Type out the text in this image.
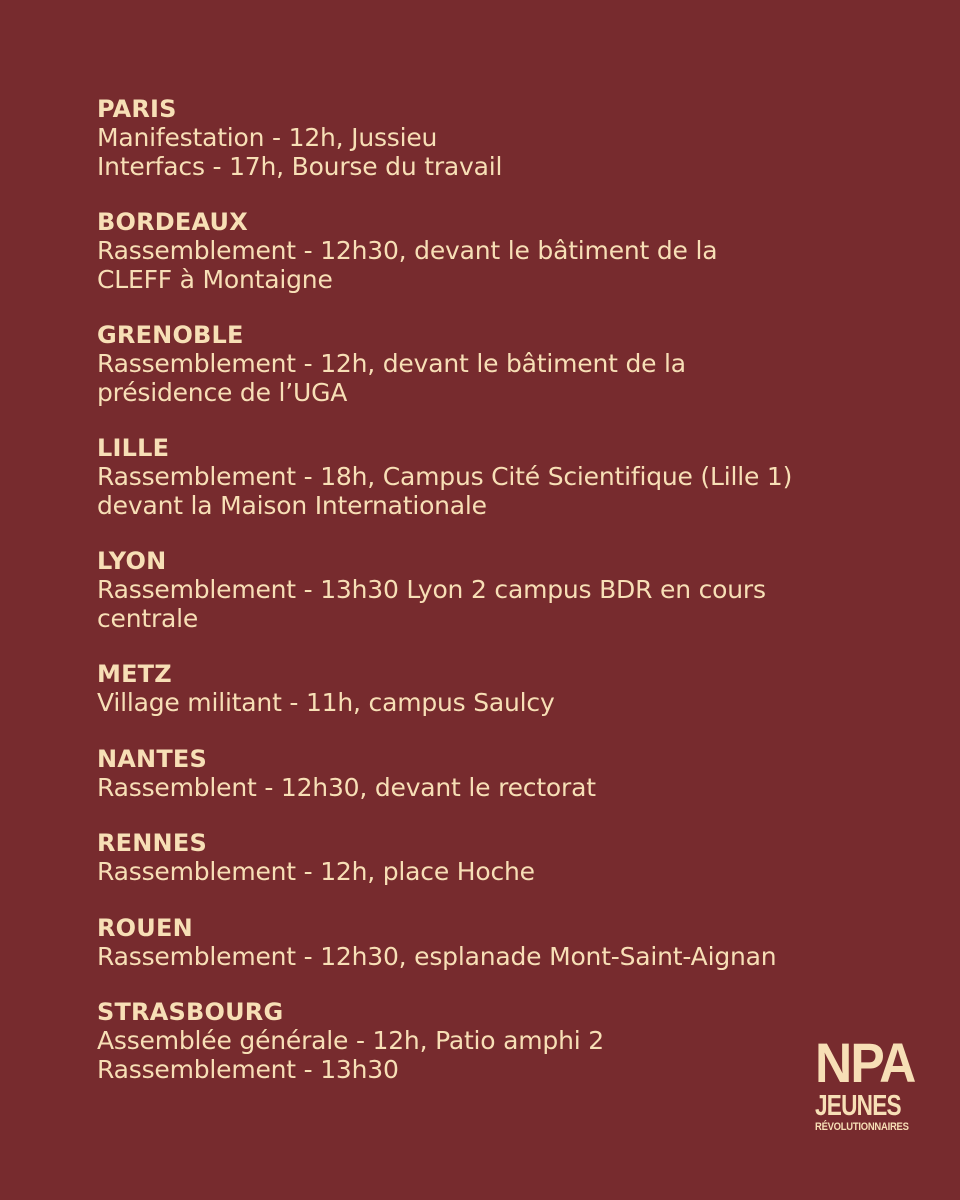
PARIS
Manifestation - 12h, Jussieu
Interfacs - 17h, Bourse du travail
BORDEAUX
Rassemblement - 12h30, devant le bâtiment de la
CLEFF à Montaigne
GRENOBLE
Rassemblement - 12h, devant le bâtiment de la
présidence de l’UGA
LILLE
Rassemblement - 18h, Campus Cité Scientifique (Lille 1)
devant la Maison Internationale
LYON
Rassemblement - 13h30 Lyon 2 campus BDR en cours
centrale
METZ
Village militant - 11h, campus Saulcy
NANTES
Rassemblent - 12h30, devant le rectorat
RENNES
Rassemblement - 12h, place Hoche
ROUEN
Rassemblement - 12h30, esplanade Mont-Saint-Aignan
STRASBOURG
Assemblée générale - 12h, Patio amphi 2
Rassemblement - 13h30	NPA
JEUNES
RÉVOLUTIONNAIRES
